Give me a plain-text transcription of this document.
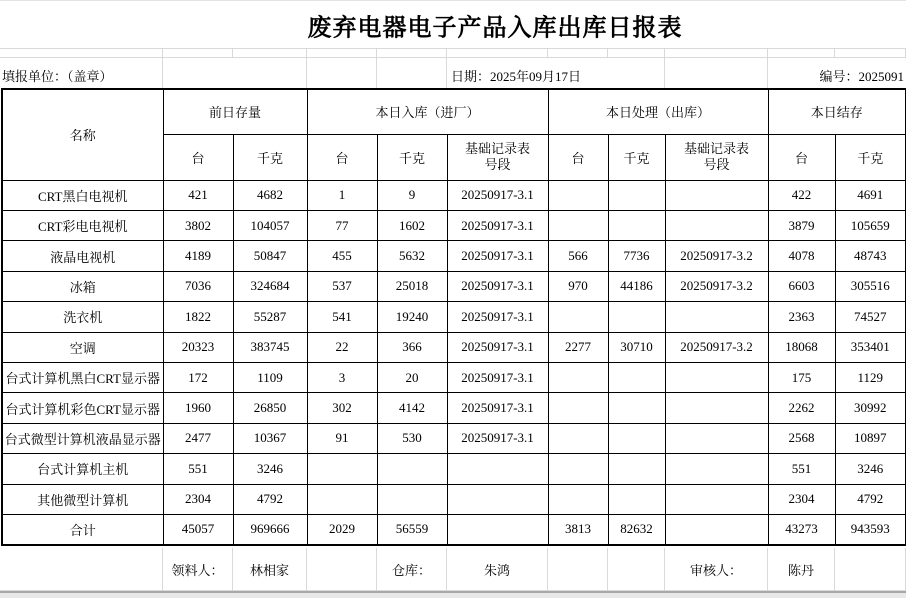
废弃电器电子产品入库出库日报表
填报单位：（盖章）	日期：2025年09月17日	编号：2025091
名称	前日存量		本日入库（进厂）			本日处理（出库）			本日结存	
	台	千克	台	千克	基础记录表号段	台	千克	基础记录表号段	台	千克
CRT黑白电视机	421	4682	1	9	20250917-3.1				422	4691
CRT彩电电视机	3802	104057	77	1602	20250917-3.1				3879	105659
液晶电视机	4189	50847	455	5632	20250917-3.1	566	7736	20250917-3.2	4078	48743
冰箱	7036	324684	537	25018	20250917-3.1	970	44186	20250917-3.2	6603	305516
洗衣机	1822	55287	541	19240	20250917-3.1				2363	74527
空调	20323	383745	22	366	20250917-3.1	2277	30710	20250917-3.2	18068	353401
台式计算机黑白CRT显示器	172	1109	3	20	20250917-3.1				175	1129
台式计算机彩色CRT显示器	1960	26850	302	4142	20250917-3.1				2262	30992
台式微型计算机液晶显示器	2477	10367	91	530	20250917-3.1				2568	10897
台式计算机主机	551	3246							551	3246
其他微型计算机	2304	4792							2304	4792
合计	45057	969666	2029	56559		3813	82632		43273	943593
领料人：	林相家	仓库：	朱鸿	审核人：	陈丹
